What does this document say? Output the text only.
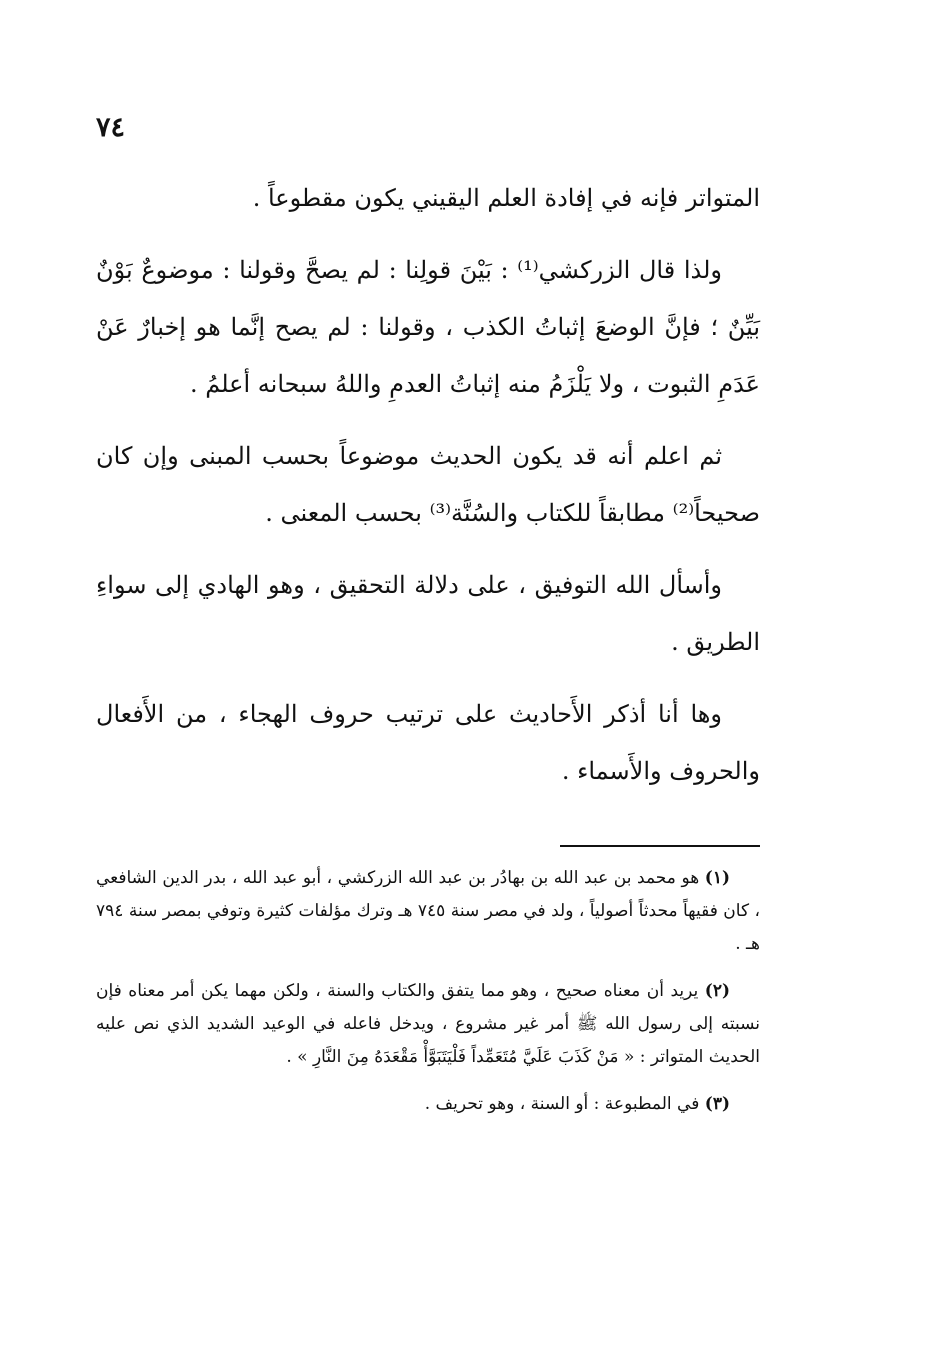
٧٤

المتواتر فإنه في إفادة العلم اليقيني يكون مقطوعاً .

ولذا قال الزركشي⁽¹⁾ : بَيْنَ قولِنا : لم يصحَّ وقولنا : موضوعٌ بَوْنٌ بَيِّنٌ ؛ فإنَّ الوضعَ إثباتُ الكذب ، وقولنا : لم يصح إنَّما هو إخبارٌ عَنْ عَدَمِ الثبوت ، ولا يَلْزَمُ منه إثباتُ العدمِ واللهُ سبحانه أعلمُ .

ثم اعلم أنه قد يكون الحديث موضوعاً بحسب المبنى وإن كان صحيحاً⁽²⁾ مطابقاً للكتاب والسُنَّة⁽³⁾ بحسب المعنى .

وأسأل الله التوفيق ، على دلالة التحقيق ، وهو الهادي إلى سواءِ الطريق .

وها أنا أذكر الأَحاديث على ترتيب حروف الهجاء ، من الأَفعال والحروف والأَسماء .

(١) هو محمد بن عبد الله بن بهادُر بن عبد الله الزركشي ، أبو عبد الله ، بدر الدين الشافعي ، كان فقيهاً محدثاً أصولياً ، ولد في مصر سنة ٧٤٥ هـ وترك مؤلفات كثيرة وتوفي بمصر سنة ٧٩٤ هـ .

(٢) يريد أن معناه صحيح ، وهو مما يتفق والكتاب والسنة ، ولكن مهما يكن أمر معناه فإن نسبته إلى رسول الله ﷺ أمر غير مشروع ، ويدخل فاعله في الوعيد الشديد الذي نص عليه الحديث المتواتر : « مَنْ كَذَبَ عَلَيَّ مُتَعَمِّداً فَلْيَتَبَوَّأْ مَقْعَدَهُ مِنَ النَّارِ » .

(٣) في المطبوعة : أو السنة ، وهو تحريف .
